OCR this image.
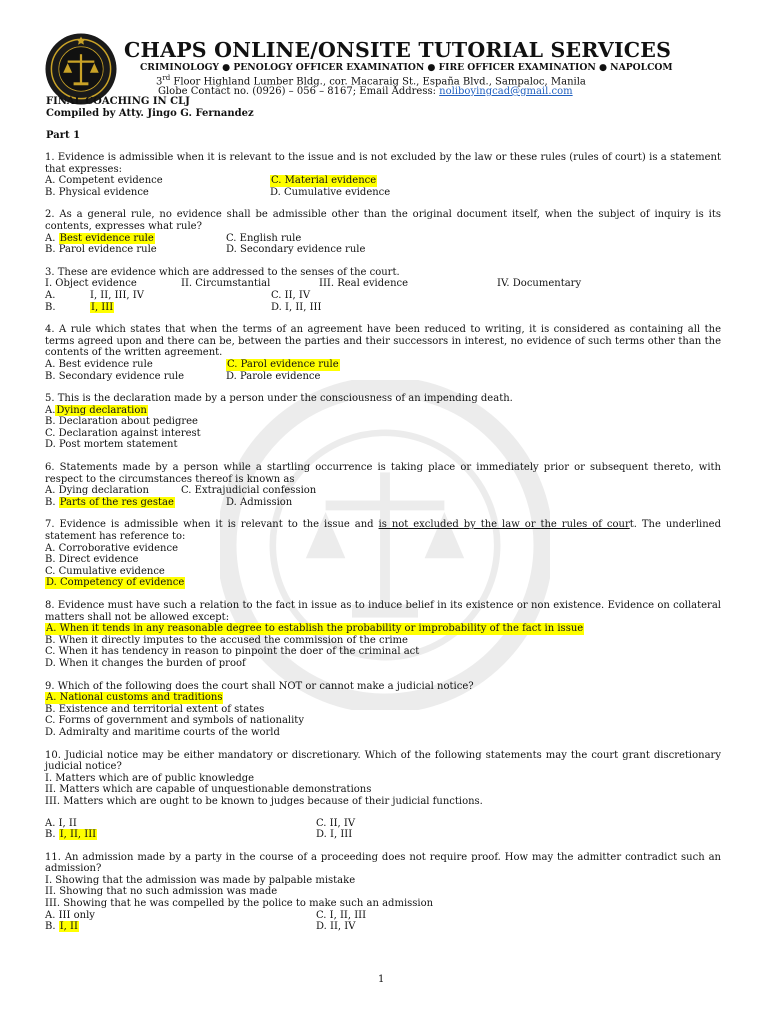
CHAPS ONLINE/ONSITE TUTORIAL SERVICES
CRIMINOLOGY ● PENOLOGY OFFICER EXAMINATION ● FIRE OFFICER EXAMINATION ● NAPOLCOM
3rd Floor Highland Lumber Bldg., cor. Macaraig St., España Blvd., Sampaloc, Manila
Globe Contact no. (0926) – 056 – 8167; Email Address: noliboyingcad@gmail.com
FINAL COACHING IN CLJ
Compiled by Atty. Jingo G. Fernandez
Part 1
1. Evidence is admissible when it is relevant to the issue and is not excluded by the law or these rules (rules of court) is a statement that expresses:
A. Competent evidence	C. Material evidence
B. Physical evidence	D. Cumulative evidence
2. As a general rule, no evidence shall be admissible other than the original document itself, when the subject of inquiry is its contents, expresses what rule?
A. Best evidence rule	C. English rule
B. Parol evidence rule	D. Secondary evidence rule
3. These are evidence which are addressed to the senses of the court.
I. Object evidence	II. Circumstantial	III. Real evidence	IV. Documentary
A.	I, II, III, IV	C. II, IV
B.	I, III	D. I, II, III
4. A rule which states that when the terms of an agreement have been reduced to writing, it is considered as containing all the terms agreed upon and there can be, between the parties and their successors in interest, no evidence of such terms other than the contents of the written agreement.
A. Best evidence rule	C. Parol evidence rule
B. Secondary evidence rule	D. Parole evidence
5. This is the declaration made by a person under the consciousness of an impending death.
A. Dying declaration
B. Declaration about pedigree
C. Declaration against interest
D. Post mortem statement
6. Statements made by a person while a startling occurrence is taking place or immediately prior or subsequent thereto, with respect to the circumstances thereof is known as
A. Dying declaration	C. Extrajudicial confession
B. Parts of the res gestae	D. Admission
7. Evidence is admissible when it is relevant to the issue and is not excluded by the law or the rules of court. The underlined statement has reference to:
A. Corroborative evidence
B. Direct evidence
C. Cumulative evidence
D. Competency of evidence
8. Evidence must have such a relation to the fact in issue as to induce belief in its existence or non existence. Evidence on collateral matters shall not be allowed except:
A. When it tends in any reasonable degree to establish the probability or improbability of the fact in issue
B. When it directly imputes to the accused the commission of the crime
C. When it has tendency in reason to pinpoint the doer of the criminal act
D. When it changes the burden of proof
9. Which of the following does the court shall NOT or cannot make a judicial notice?
A. National customs and traditions
B. Existence and territorial extent of states
C. Forms of government and symbols of nationality
D. Admiralty and maritime courts of the world
10. Judicial notice may be either mandatory or discretionary. Which of the following statements may the court grant discretionary judicial notice?
I. Matters which are of public knowledge
II. Matters which are capable of unquestionable demonstrations
III. Matters which are ought to be known to judges because of their judicial functions.
A. I, II	C. II, IV
B. I, II, III	D. I, III
11. An admission made by a party in the course of a proceeding does not require proof. How may the admitter contradict such an admission?
I. Showing that the admission was made by palpable mistake
II. Showing that no such admission was made
III. Showing that he was compelled by the police to make such an admission
A. III only	C. I, II, III
B. I, II	D. II, IV
1
